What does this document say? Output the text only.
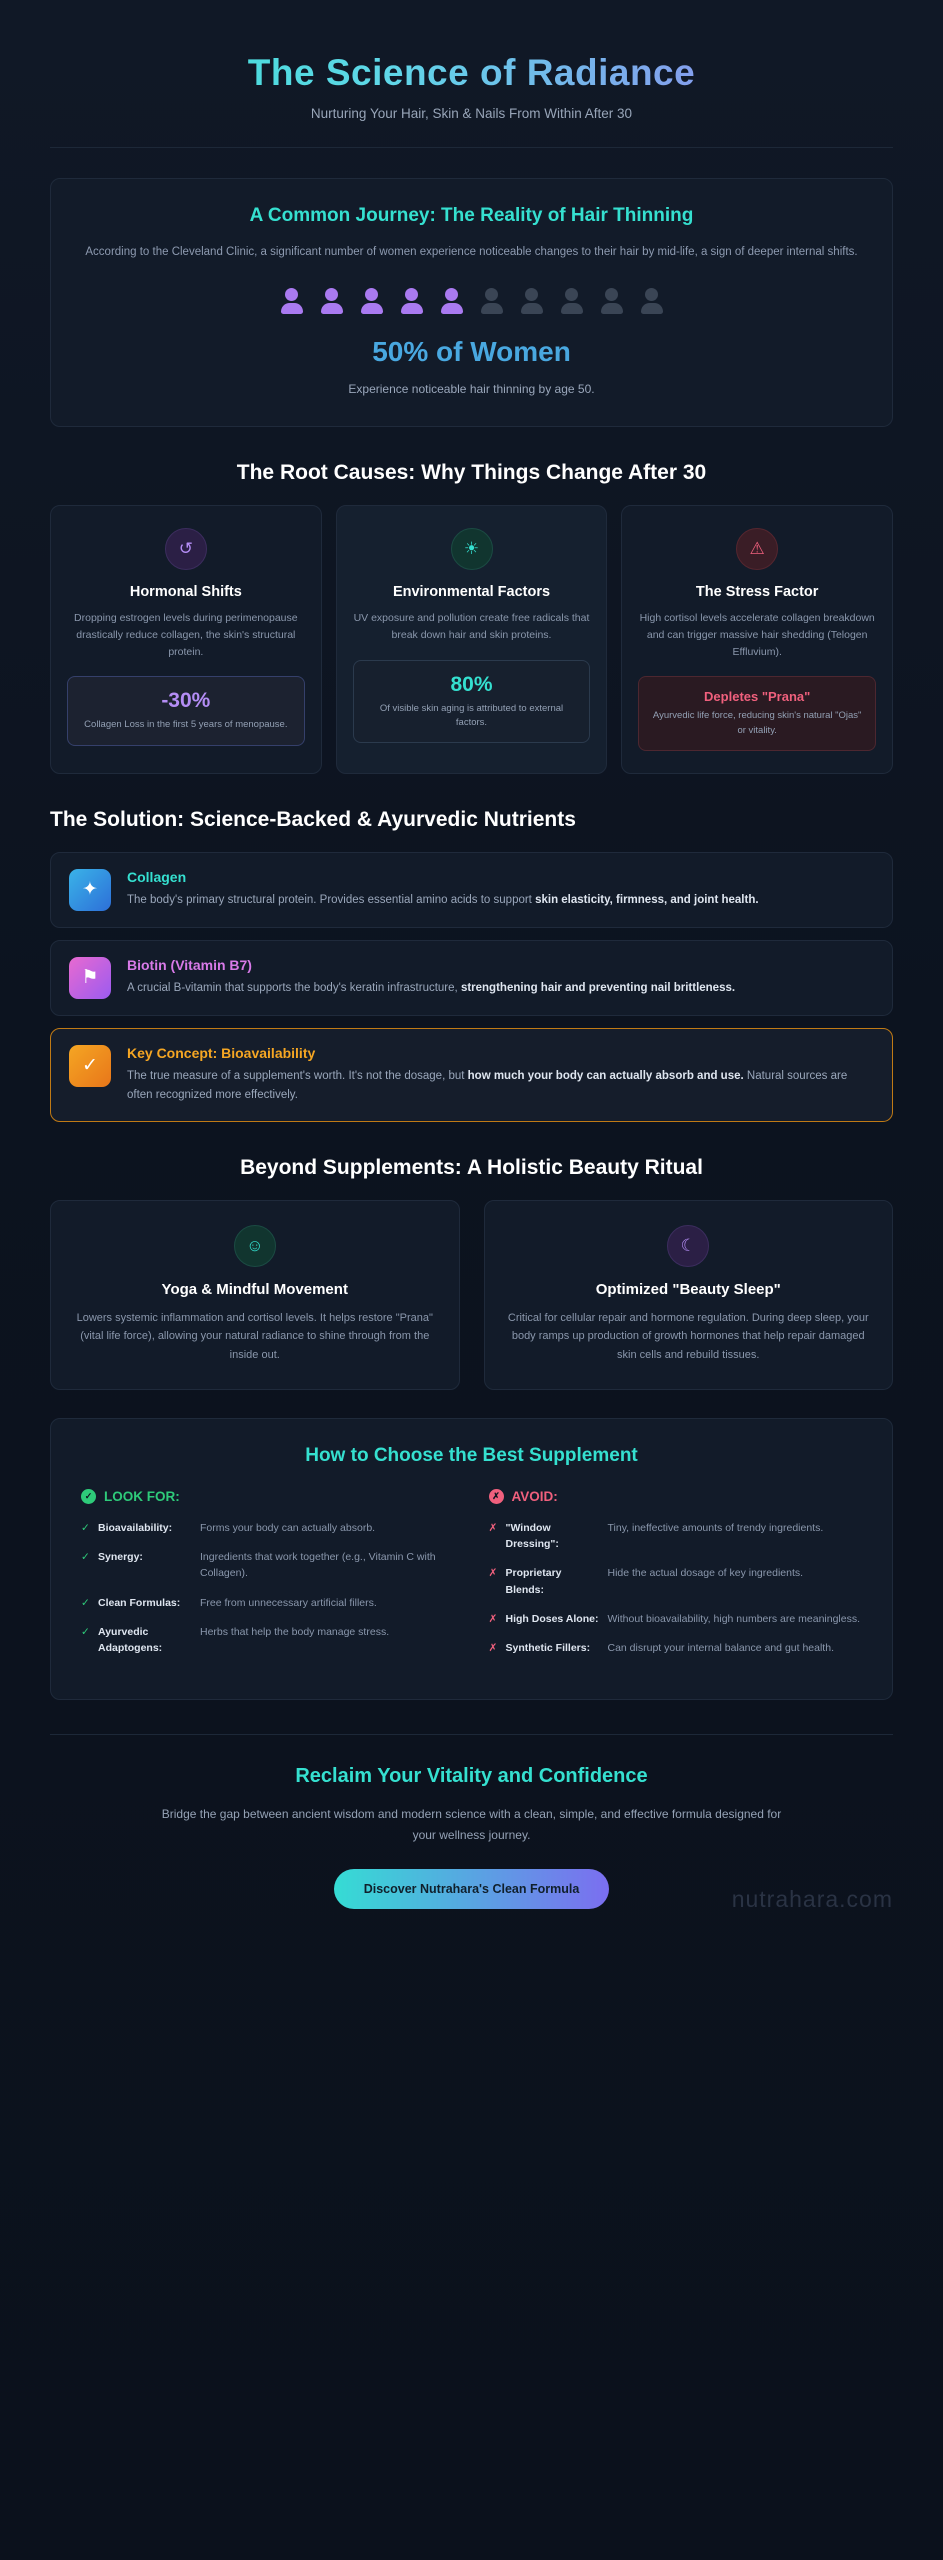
The Science of Radiance
Nurturing Your Hair, Skin & Nails From Within After 30
A Common Journey: The Reality of Hair Thinning

According to the Cleveland Clinic, a significant number of women experience noticeable changes to their hair by mid-life, a sign of deeper internal shifts.

50% of Women
Experience noticeable hair thinning by age 50.
The Root Causes: Why Things Change After 30
↺
Hormonal Shifts

Dropping estrogen levels during perimenopause drastically reduce collagen, the skin's structural protein.

-30%
Collagen Loss in the first 5 years of menopause.
☀
Environmental Factors

UV exposure and pollution create free radicals that break down hair and skin proteins.

80%
Of visible skin aging is attributed to external factors.
⚠
The Stress Factor

High cortisol levels accelerate collagen breakdown and can trigger massive hair shedding (Telogen Effluvium).

Depletes "Prana"
Ayurvedic life force, reducing skin's natural "Ojas" or vitality.
The Solution: Science-Backed & Ayurvedic Nutrients
✦
Collagen

The body's primary structural protein. Provides essential amino acids to support skin elasticity, firmness, and joint health.

⚑
Biotin (Vitamin B7)

A crucial B-vitamin that supports the body's keratin infrastructure, strengthening hair and preventing nail brittleness.

✓
Key Concept: Bioavailability

The true measure of a supplement's worth. It's not the dosage, but how much your body can actually absorb and use. Natural sources are often recognized more effectively.

Beyond Supplements: A Holistic Beauty Ritual
☺
Yoga & Mindful Movement

Lowers systemic inflammation and cortisol levels. It helps restore "Prana" (vital life force), allowing your natural radiance to shine through from the inside out.

☾
Optimized "Beauty Sleep"

Critical for cellular repair and hormone regulation. During deep sleep, your body ramps up production of growth hormones that help repair damaged skin cells and rebuild tissues.

How to Choose the Best Supplement
✓ LOOK FOR:
✓ Bioavailability:	Forms your body can actually absorb.
✓ Synergy:	Ingredients that work together (e.g., Vitamin C with Collagen).
✓ Clean Formulas:	Free from unnecessary artificial fillers.
✓ Ayurvedic Adaptogens:
Herbs that help the body manage stress.
✗ AVOID:
✗ "Window Dressing":
Tiny, ineffective amounts of trendy ingredients.
✗ Proprietary Blends:
Hide the actual dosage of key ingredients.
✗ High Doses Alone: Without bioavailability, high numbers are meaningless.
✗ Synthetic Fillers:	Can disrupt your internal balance and gut health.
Reclaim Your Vitality and Confidence

Bridge the gap between ancient wisdom and modern science with a clean, simple, and effective formula designed for your wellness journey.

Discover Nutrahara's Clean Formula	nutrahara.com
